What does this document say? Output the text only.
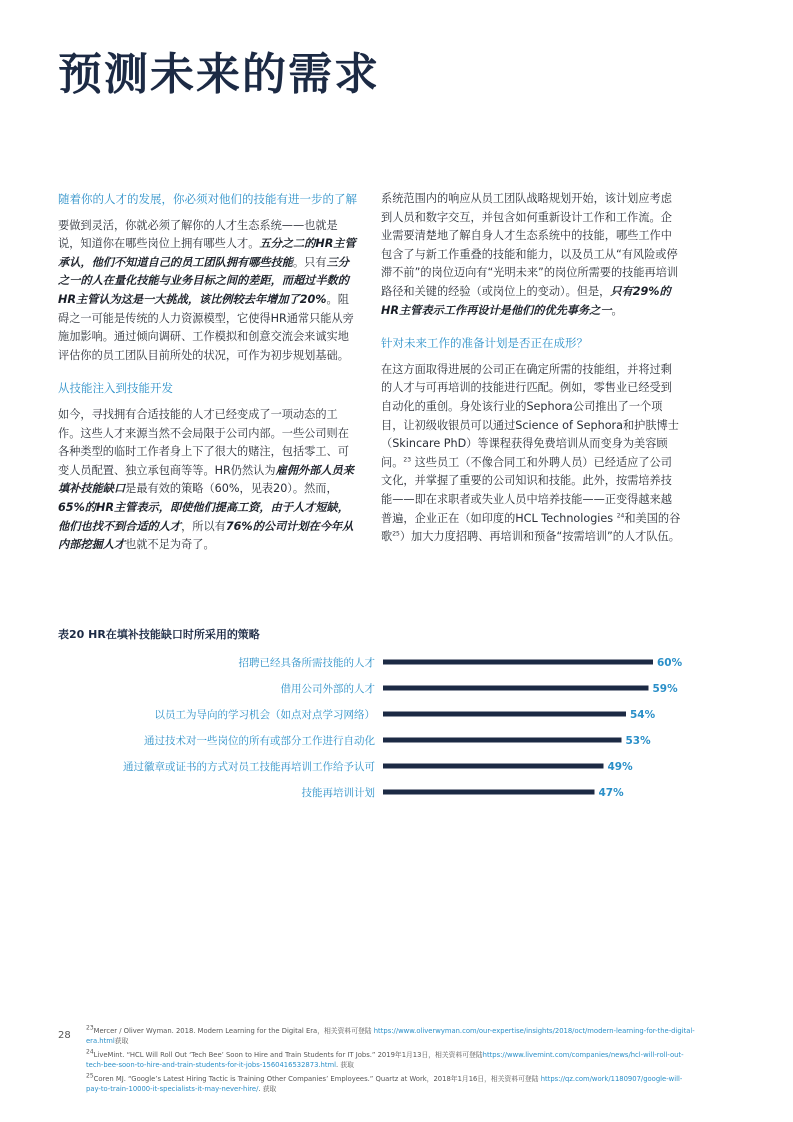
预测未来的需求

随着你的人才的发展，你必须对他们的技能有进一步的了解

要做到灵活，你就必须了解你的人才生态系统——也就是说，知道你在哪些岗位上拥有哪些人才。五分之二的HR主管承认，他们不知道自己的员工团队拥有哪些技能。只有三分之一的人在量化技能与业务目标之间的差距，而超过半数的HR主管认为这是一大挑战，该比例较去年增加了20%。阻碍之一可能是传统的人力资源模型，它使得HR通常只能从旁施加影响。通过倾向调研、工作模拟和创意交流会来诚实地评估你的员工团队目前所处的状况，可作为初步规划基础。

从技能注入到技能开发

如今，寻找拥有合适技能的人才已经变成了一项动态的工作。这些人才来源当然不会局限于公司内部。一些公司则在各种类型的临时工作者身上下了很大的赌注，包括零工、可变人员配置、独立承包商等等。HR仍然认为雇佣外部人员来填补技能缺口是最有效的策略（60%，见表20）。然而，65%的HR主管表示，即使他们提高工资，由于人才短缺，他们也找不到合适的人才，所以有76%的公司计划在今年从内部挖掘人才也就不足为奇了。

系统范围内的响应从员工团队战略规划开始，该计划应考虑到人员和数字交互，并包含如何重新设计工作和工作流。企业需要清楚地了解自身人才生态系统中的技能，哪些工作中包含了与新工作重叠的技能和能力，以及员工从“有风险或停滞不前”的岗位迈向有“光明未来”的岗位所需要的技能再培训路径和关键的经验（或岗位上的变动）。但是，只有29%的HR主管表示工作再设计是他们的优先事务之一。

针对未来工作的准备计划是否正在成形？

在这方面取得进展的公司正在确定所需的技能组，并将过剩的人才与可再培训的技能进行匹配。例如，零售业已经受到自动化的重创。身处该行业的Sephora公司推出了一个项目，让初级收银员可以通过Science of Sephora和护肤博士（Skincare PhD）等课程获得免费培训从而变身为美容顾问。$^{23}$ 这些员工（不像合同工和外聘人员）已经适应了公司文化，并掌握了重要的公司知识和技能。此外，按需培养技能——即在求职者或失业人员中培养技能——正变得越来越普遍，企业正在（如印度的HCL Technologies $^{24}$和美国的谷歌$^{25}$）加大力度招聘、再培训和预备“按需培训”的人才队伍。

表20 HR在填补技能缺口时所采用的策略

招聘已经具备所需技能的人才	60%
借用公司外部的人才	59%
以员工为导向的学习机会（如点对点学习网络）	54%
通过技术对一些岗位的所有或部分工作进行自动化	53%
通过徽章或证书的方式对员工技能再培训工作给予认可	49%
技能再培训计划	47%
28

$^{23}$Mercer / Oliver Wyman. 2018. Modern Learning for the Digital Era，相关资料可登陆 https://www.oliverwyman.com/our-expertise/insights/2018/oct/modern-learning-for-the-digital-era.html获取

$^{24}$LiveMint. “HCL Will Roll Out ‘Tech Bee’ Soon to Hire and Train Students for IT Jobs.” 2019年1月13日，相关资料可登陆https://www.livemint.com/companies/news/hcl-will-roll-out-tech-bee-soon-to-hire-and-train-students-for-it-jobs-1560416532873.html. 获取

$^{25}$Coren MJ. “Google’s Latest Hiring Tactic is Training Other Companies’ Employees.” Quartz at Work，2018年1月16日，相关资料可登陆 https://qz.com/work/1180907/google-will-pay-to-train-10000-it-specialists-it-may-never-hire/. 获取
